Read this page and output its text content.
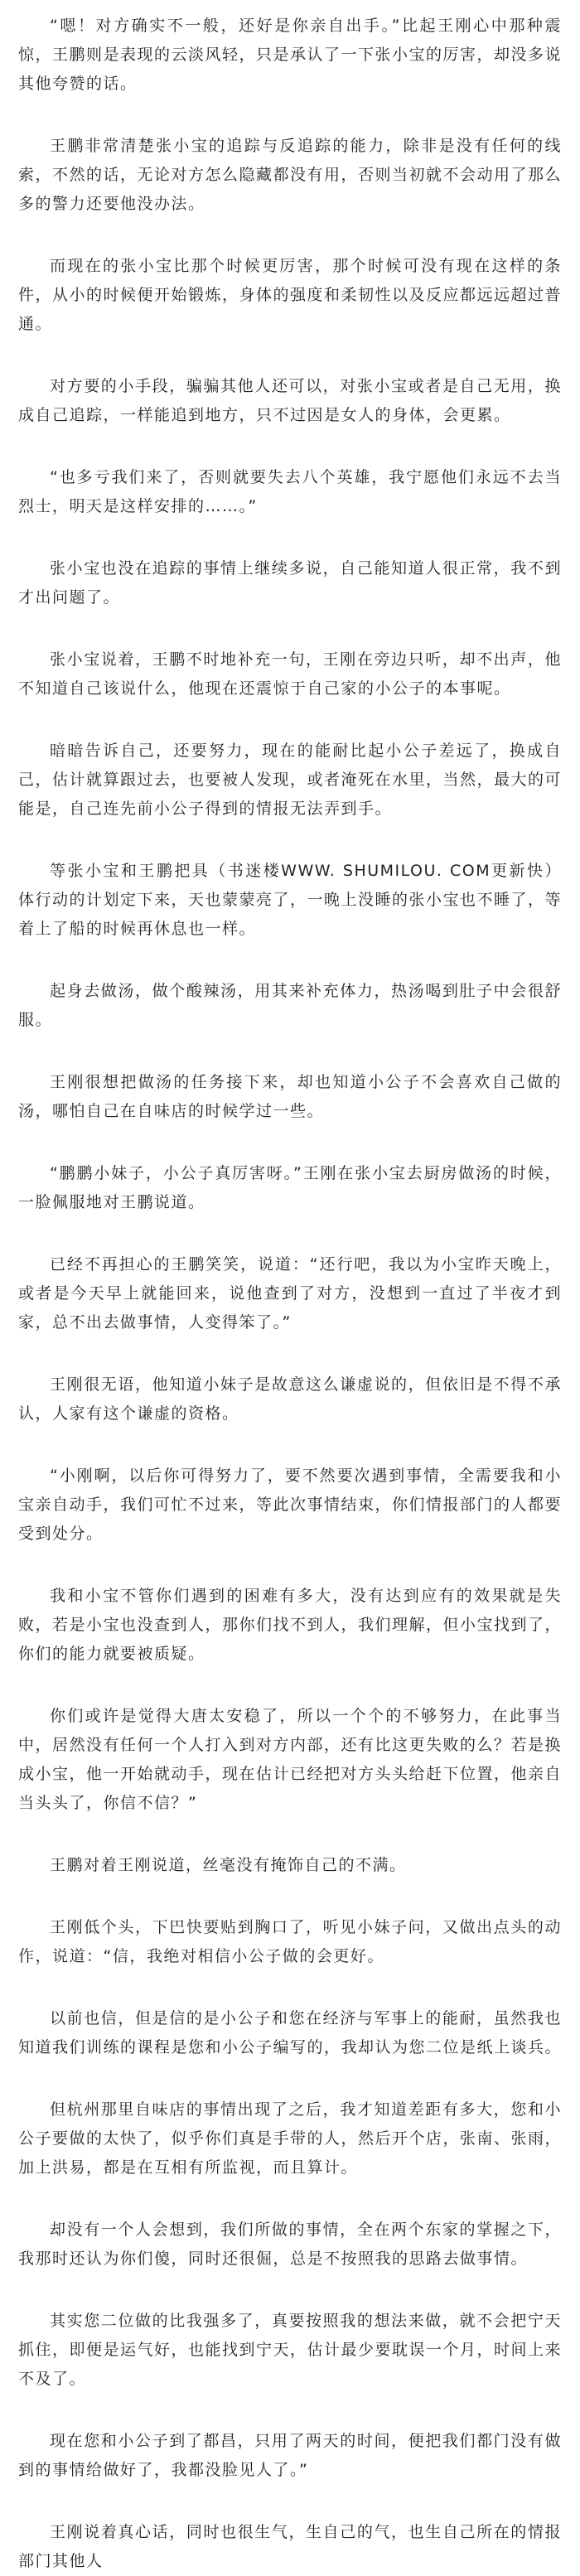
“嗯！对方确实不一般，还好是你亲自出手。”比起王刚心中那种震惊，王鹏则是表现的云淡风轻，只是承认了一下张小宝的厉害，却没多说其他夸赞的话。

王鹏非常清楚张小宝的追踪与反追踪的能力，除非是没有任何的线索，不然的话，无论对方怎么隐藏都没有用，否则当初就不会动用了那么多的警力还要他没办法。

而现在的张小宝比那个时候更厉害，那个时候可没有现在这样的条件，从小的时候便开始锻炼，身体的强度和柔韧性以及反应都远远超过普通。

对方要的小手段，骗骗其他人还可以，对张小宝或者是自己无用，换成自己追踪，一样能追到地方，只不过因是女人的身体，会更累。

“也多亏我们来了，否则就要失去八个英雄，我宁愿他们永远不去当烈士，明天是这样安排的……。”

张小宝也没在追踪的事情上继续多说，自己能知道人很正常，我不到才出问题了。

张小宝说着，王鹏不时地补充一句，王刚在旁边只听，却不出声，他不知道自己该说什么，他现在还震惊于自己家的小公子的本事呢。

暗暗告诉自己，还要努力，现在的能耐比起小公子差远了，换成自己，估计就算跟过去，也要被人发现，或者淹死在水里，当然，最大的可能是，自己连先前小公子得到的情报无法弄到手。

等张小宝和王鹏把具（书迷楼WWW. SHUMILOU. COM更新快）体行动的计划定下来，天也蒙蒙亮了，一晚上没睡的张小宝也不睡了，等着上了船的时候再休息也一样。

起身去做汤，做个酸辣汤，用其来补充体力，热汤喝到肚子中会很舒服。

王刚很想把做汤的任务接下来，却也知道小公子不会喜欢自己做的汤，哪怕自己在自味店的时候学过一些。

“鹏鹏小妹子，小公子真厉害呀。”王刚在张小宝去厨房做汤的时候，一脸佩服地对王鹏说道。

已经不再担心的王鹏笑笑，说道：“还行吧，我以为小宝昨天晚上，或者是今天早上就能回来，说他查到了对方，没想到一直过了半夜才到家，总不出去做事情，人变得笨了。”

王刚很无语，他知道小妹子是故意这么谦虚说的，但依旧是不得不承认，人家有这个谦虚的资格。

“小刚啊，以后你可得努力了，要不然要次遇到事情，全需要我和小宝亲自动手，我们可忙不过来，等此次事情结束，你们情报部门的人都要受到处分。

我和小宝不管你们遇到的困难有多大，没有达到应有的效果就是失败，若是小宝也没查到人，那你们找不到人，我们理解，但小宝找到了，你们的能力就要被质疑。

你们或许是觉得大唐太安稳了，所以一个个的不够努力，在此事当中，居然没有任何一个人打入到对方内部，还有比这更失败的么？若是换成小宝，他一开始就动手，现在估计已经把对方头头给赶下位置，他亲自当头头了，你信不信？”

王鹏对着王刚说道，丝毫没有掩饰自己的不满。

王刚低个头，下巴快要贴到胸口了，听见小妹子问，又做出点头的动作，说道：“信，我绝对相信小公子做的会更好。

以前也信，但是信的是小公子和您在经济与军事上的能耐，虽然我也知道我们训练的课程是您和小公子编写的，我却认为您二位是纸上谈兵。

但杭州那里自味店的事情出现了之后，我才知道差距有多大，您和小公子要做的太快了，似乎你们真是手带的人，然后开个店，张南、张雨，加上洪易，都是在互相有所监视，而且算计。

却没有一个人会想到，我们所做的事情，全在两个东家的掌握之下，我那时还认为你们傻，同时还很倔，总是不按照我的思路去做事情。

其实您二位做的比我强多了，真要按照我的想法来做，就不会把宁天抓住，即便是运气好，也能找到宁天，估计最少要耽误一个月，时间上来不及了。

现在您和小公子到了都昌，只用了两天的时间，便把我们都门没有做到的事情给做好了，我都没脸见人了。”

王刚说着真心话，同时也很生气，生自己的气，也生自己所在的情报部门其他人
